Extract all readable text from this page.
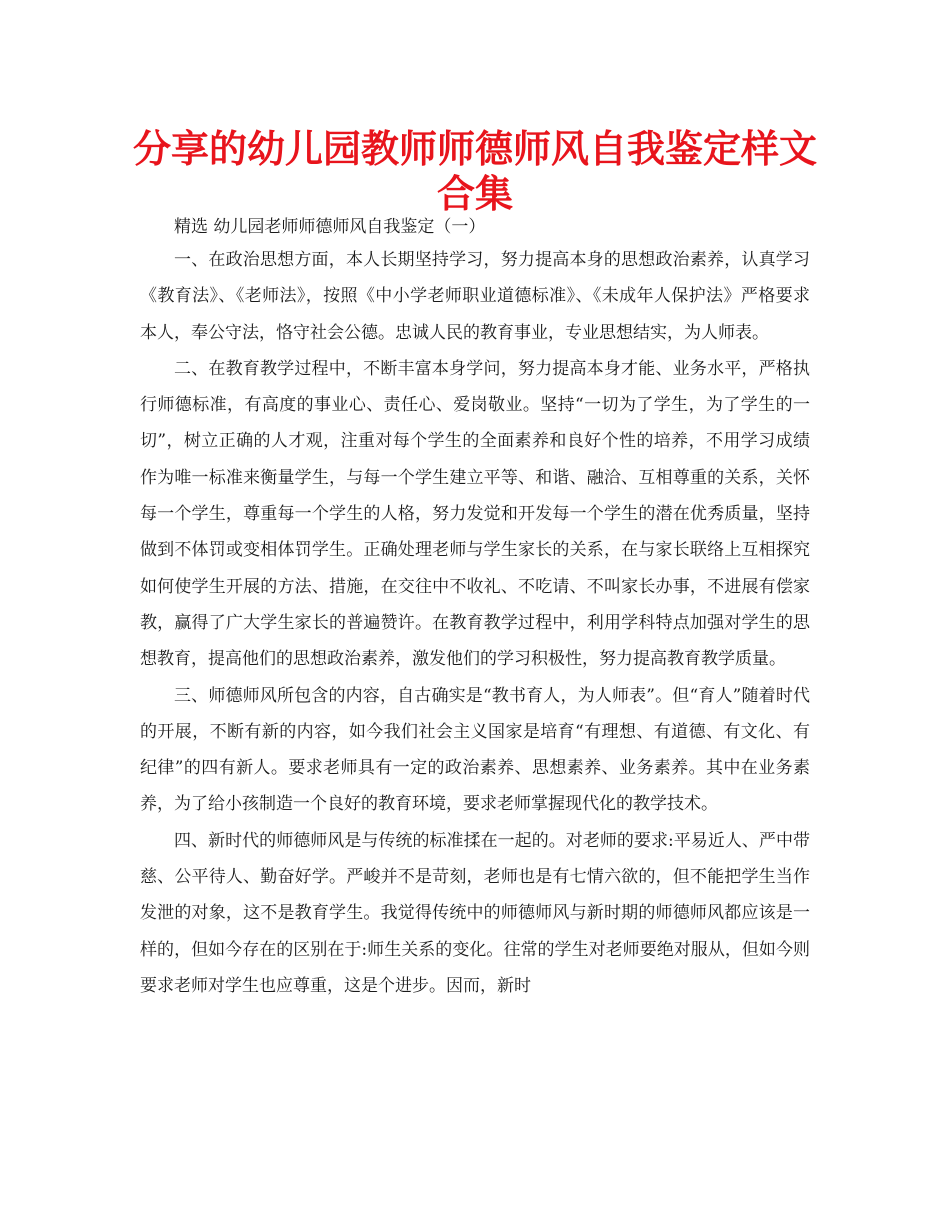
分享的幼儿园教师师德师风自我鉴定样文
合集

精选 幼儿园老师师德师风自我鉴定（一）

一、在政治思想方面，本人长期坚持学习，努力提高本身的思想政治素养，认真学习《教育法》、《老师法》，按照《中小学老师职业道德标准》、《未成年人保护法》严格要求本人，奉公守法，恪守社会公德。忠诚人民的教育事业，专业思想结实，为人师表。

二、在教育教学过程中，不断丰富本身学问，努力提高本身才能、业务水平，严格执行师德标准，有高度的事业心、责任心、爱岗敬业。坚持“一切为了学生，为了学生的一切”，树立正确的人才观，注重对每个学生的全面素养和良好个性的培养，不用学习成绩作为唯一标准来衡量学生，与每一个学生建立平等、和谐、融洽、互相尊重的关系，关怀每一个学生，尊重每一个学生的人格，努力发觉和开发每一个学生的潜在优秀质量，坚持做到不体罚或变相体罚学生。正确处理老师与学生家长的关系，在与家长联络上互相探究如何使学生开展的方法、措施，在交往中不收礼、不吃请、不叫家长办事，不进展有偿家教，赢得了广大学生家长的普遍赞许。在教育教学过程中，利用学科特点加强对学生的思想教育，提高他们的思想政治素养，激发他们的学习积极性，努力提高教育教学质量。

三、师德师风所包含的内容，自古确实是“教书育人，为人师表”。但“育人”随着时代的开展，不断有新的内容，如今我们社会主义国家是培育“有理想、有道德、有文化、有 纪律”的四有新人。要求老师具有一定的政治素养、思想素养、业务素养。其中在业务素养，为了给小孩制造一个良好的教育环境，要求老师掌握现代化的教学技术。

四、新时代的师德师风是与传统的标准揉在一起的。对老师的要求:平易近人、严中带慈、公平待人、勤奋好学。严峻并不是苛刻，老师也是有七情六欲的，但不能把学生当作发泄的对象，这不是教育学生。我觉得传统中的师德师风与新时期的师德师风都应该是一样的，但如今存在的区别在于:师生关系的变化。往常的学生对老师要绝对服从，但如今则要求老师对学生也应尊重，这是个进步。因而，新时
